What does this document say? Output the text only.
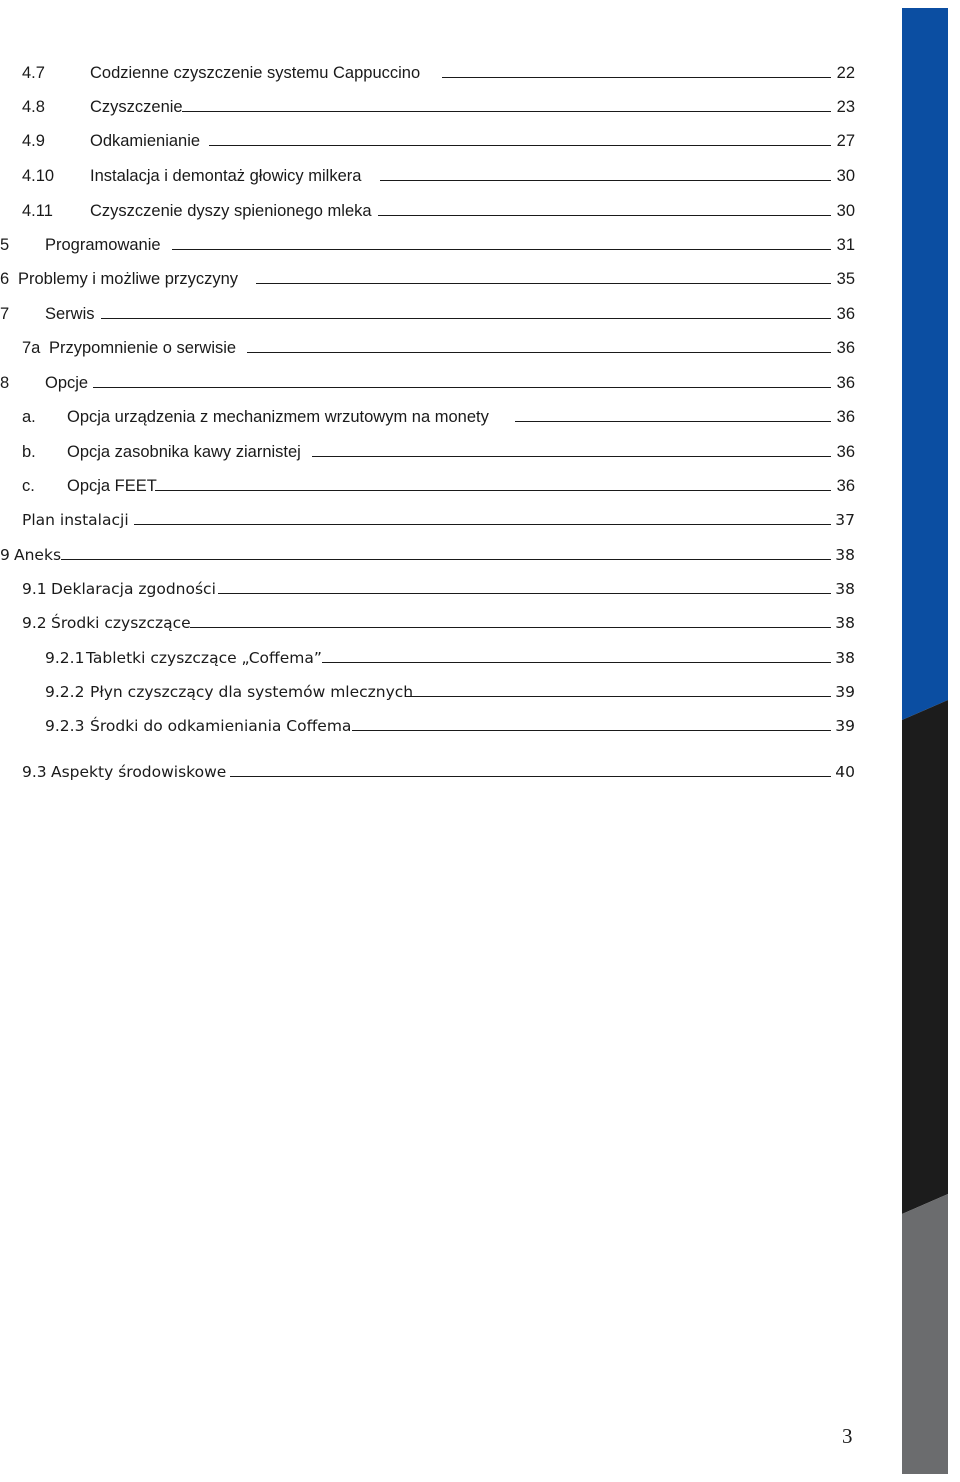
4.7	Codzienne czyszczenie systemu Cappuccino	22
4.8	Czyszczenie	23
4.9	Odkamienianie	27
4.10 Instalacja i demontaż głowicy milkera	30
4.11 Czyszczenie dyszy spienionego mleka	30
5 Programowanie	31
6 Problemy i możliwe przyczyny	35
7 Serwis	36
7a Przypomnienie o serwisie	36
8 Opcje	36
a. Opcja urządzenia z mechanizmem wrzutowym na monety	36
b. Opcja zasobnika kawy ziarnistej	36
c. Opcja FEET	36
Plan instalacji	37
9 Aneks	38
9.1 Deklaracja zgodności	38
9.2 Środki czyszczące	38
9.2.1 Tabletki czyszczące „Coffema”	38
9.2.2 Płyn czyszczący dla systemów mlecznych	39
9.2.3 Środki do odkamieniania Coffema	39
9.3 Aspekty środowiskowe	40
3
